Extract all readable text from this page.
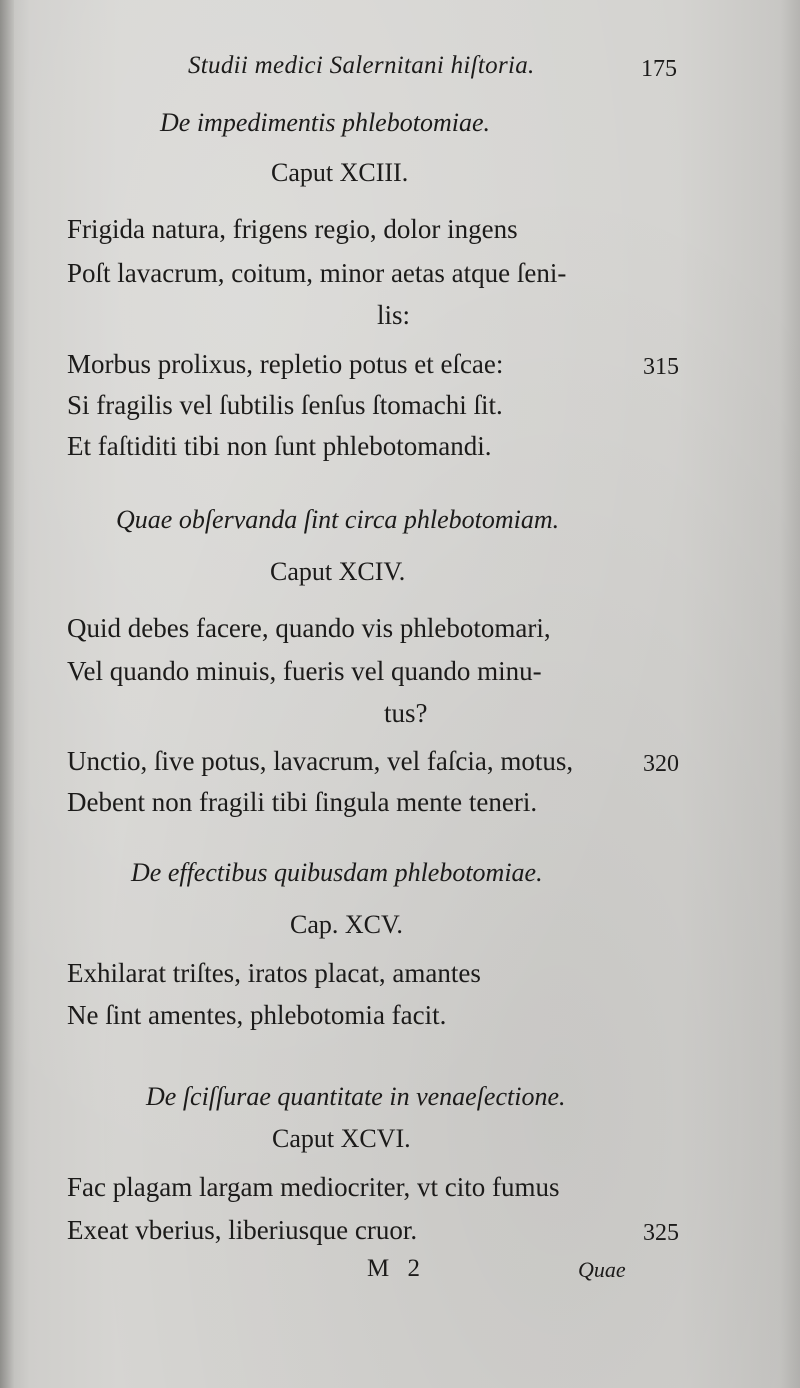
Studii medici Salernitani hiſtoria.	175
De impedimentis phlebotomiae.
Caput XCIII.
Frigida natura, frigens regio, dolor ingens
Poſt lavacrum, coitum, minor aetas atque ſeni-
lis:
Morbus prolixus, repletio potus et eſcae:	315
Si fragilis vel ſubtilis ſenſus ſtomachi ſit.
Et faſtiditi tibi non ſunt phlebotomandi.
Quae obſervanda ſint circa phlebotomiam.
Caput XCIV.
Quid debes facere, quando vis phlebotomari,
Vel quando minuis, fueris vel quando minu-
tus?
Unctio, ſive potus, lavacrum, vel faſcia, motus,	320
Debent non fragili tibi ſingula mente teneri.
De effectibus quibusdam phlebotomiae.
Cap. XCV.
Exhilarat triſtes, iratos placat, amantes
Ne ſint amentes, phlebotomia facit.
De ſciſſurae quantitate in venaeſectione.
Caput XCVI.
Fac plagam largam mediocriter, vt cito fumus
Exeat vberius, liberiusque cruor.	325
M 2	Quae
